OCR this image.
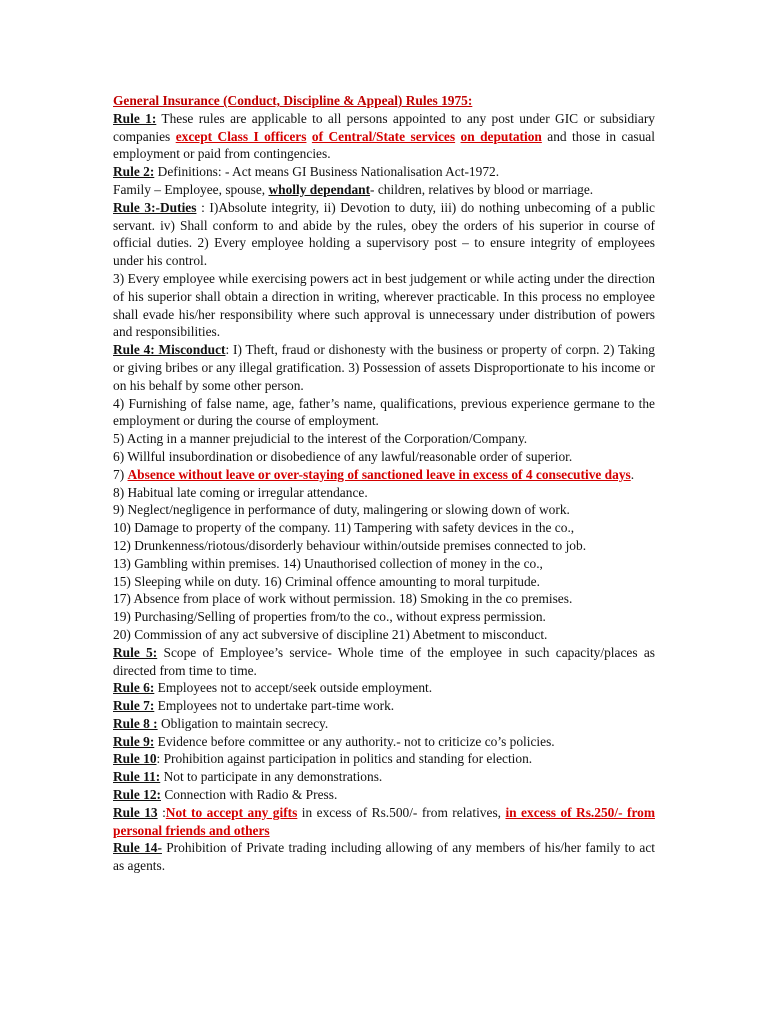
General Insurance (Conduct, Discipline & Appeal) Rules 1975:

Rule 1: These rules are applicable to all persons appointed to any post under GIC or subsidiary companies except Class I officers of Central/State services on deputation and those in casual employment or paid from contingencies.

Rule 2: Definitions: - Act means GI Business Nationalisation Act-1972.

Family – Employee, spouse, wholly dependant- children, relatives by blood or marriage.

Rule 3:-Duties : I)Absolute integrity, ii) Devotion to duty, iii) do nothing unbecoming of a public servant. iv) Shall conform to and abide by the rules, obey the orders of his superior in course of official duties. 2) Every employee holding a supervisory post – to ensure integrity of employees under his control.

3) Every employee while exercising powers act in best judgement or while acting under the direction of his superior shall obtain a direction in writing, wherever practicable. In this process no employee shall evade his/her responsibility where such approval is unnecessary under distribution of powers and responsibilities.

Rule 4: Misconduct: I) Theft, fraud or dishonesty with the business or property of corpn. 2) Taking or giving bribes or any illegal gratification. 3) Possession of assets Disproportionate to his income or on his behalf by some other person.

4) Furnishing of false name, age, father’s name, qualifications, previous experience germane to the employment or during the course of employment.

5) Acting in a manner prejudicial to the interest of the Corporation/Company.

6) Willful insubordination or disobedience of any lawful/reasonable order of superior.

7) Absence without leave or over-staying of sanctioned leave in excess of 4 consecutive days.

8) Habitual late coming or irregular attendance.

9) Neglect/negligence in performance of duty, malingering or slowing down of work.

10) Damage to property of the company. 11) Tampering with safety devices in the co.,

12) Drunkenness/riotous/disorderly behaviour within/outside premises connected to job.

13) Gambling within premises. 14) Unauthorised collection of money in the co.,

15) Sleeping while on duty. 16) Criminal offence amounting to moral turpitude.

17) Absence from place of work without permission. 18) Smoking in the co premises.

19) Purchasing/Selling of properties from/to the co., without express permission.

20) Commission of any act subversive of discipline 21) Abetment to misconduct.

Rule 5: Scope of Employee’s service- Whole time of the employee in such capacity/places as directed from time to time.

Rule 6: Employees not to accept/seek outside employment.

Rule 7: Employees not to undertake part-time work.

Rule 8 : Obligation to maintain secrecy.

Rule 9: Evidence before committee or any authority.- not to criticize co’s policies.

Rule 10: Prohibition against participation in politics and standing for election.

Rule 11: Not to participate in any demonstrations.

Rule 12: Connection with Radio & Press.

Rule 13 :Not to accept any gifts in excess of Rs.500/- from relatives, in excess of Rs.250/- from personal friends and others

Rule 14- Prohibition of Private trading including allowing of any members of his/her family to act as agents.
